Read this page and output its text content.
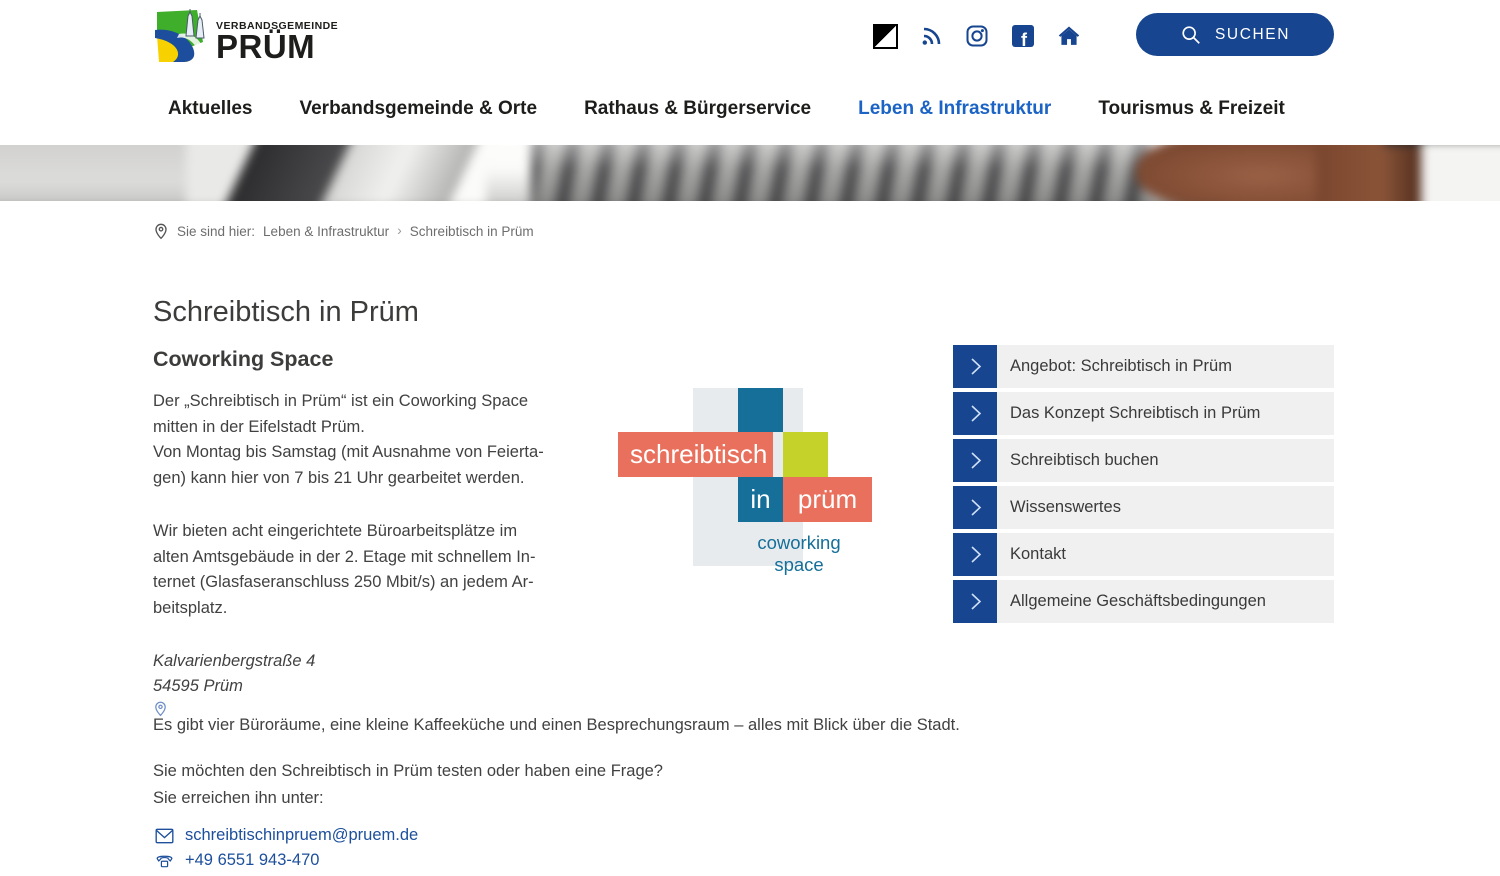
VERBANDSGEMEINDE
PRÜM	f	SUCHEN
Aktuelles Verbandsgemeinde & Orte Rathaus & Bürgerservice Leben & Infrastruktur Tourismus & Freizeit
Sie sind hier: Leben & Infrastruktur › Schreibtisch in Prüm
Schreibtisch in Prüm
Coworking Space

Der „Schreibtisch in Prüm“ ist ein Coworking Space
mitten in der Eifelstadt Prüm.
Von Montag bis Samstag (mit Ausnahme von Feierta-
gen) kann hier von 7 bis 21 Uhr gearbeitet werden.

Wir bieten acht eingerichtete Büroarbeitsplätze im
alten Amtsgebäude in der 2. Etage mit schnellem In-
ternet (Glasfaseranschluss 250 Mbit/s) an jedem Ar-
beitsplatz.

Kalvarienbergstraße 4
54595 Prüm

Es gibt vier Büroräume, eine kleine Kaffeeküche und einen Besprechungsraum – alles mit Blick über die Stadt.

Sie möchten den Schreibtisch in Prüm testen oder haben eine Frage?
Sie erreichen ihn unter:
schreibtischinpruem@pruem.de
+49 6551 943-470
schreibtisch
in	prüm
coworking space
Angebot: Schreibtisch in Prüm
Das Konzept Schreibtisch in Prüm
Schreibtisch buchen
Wissenswertes
Kontakt
Allgemeine Geschäftsbedingungen
